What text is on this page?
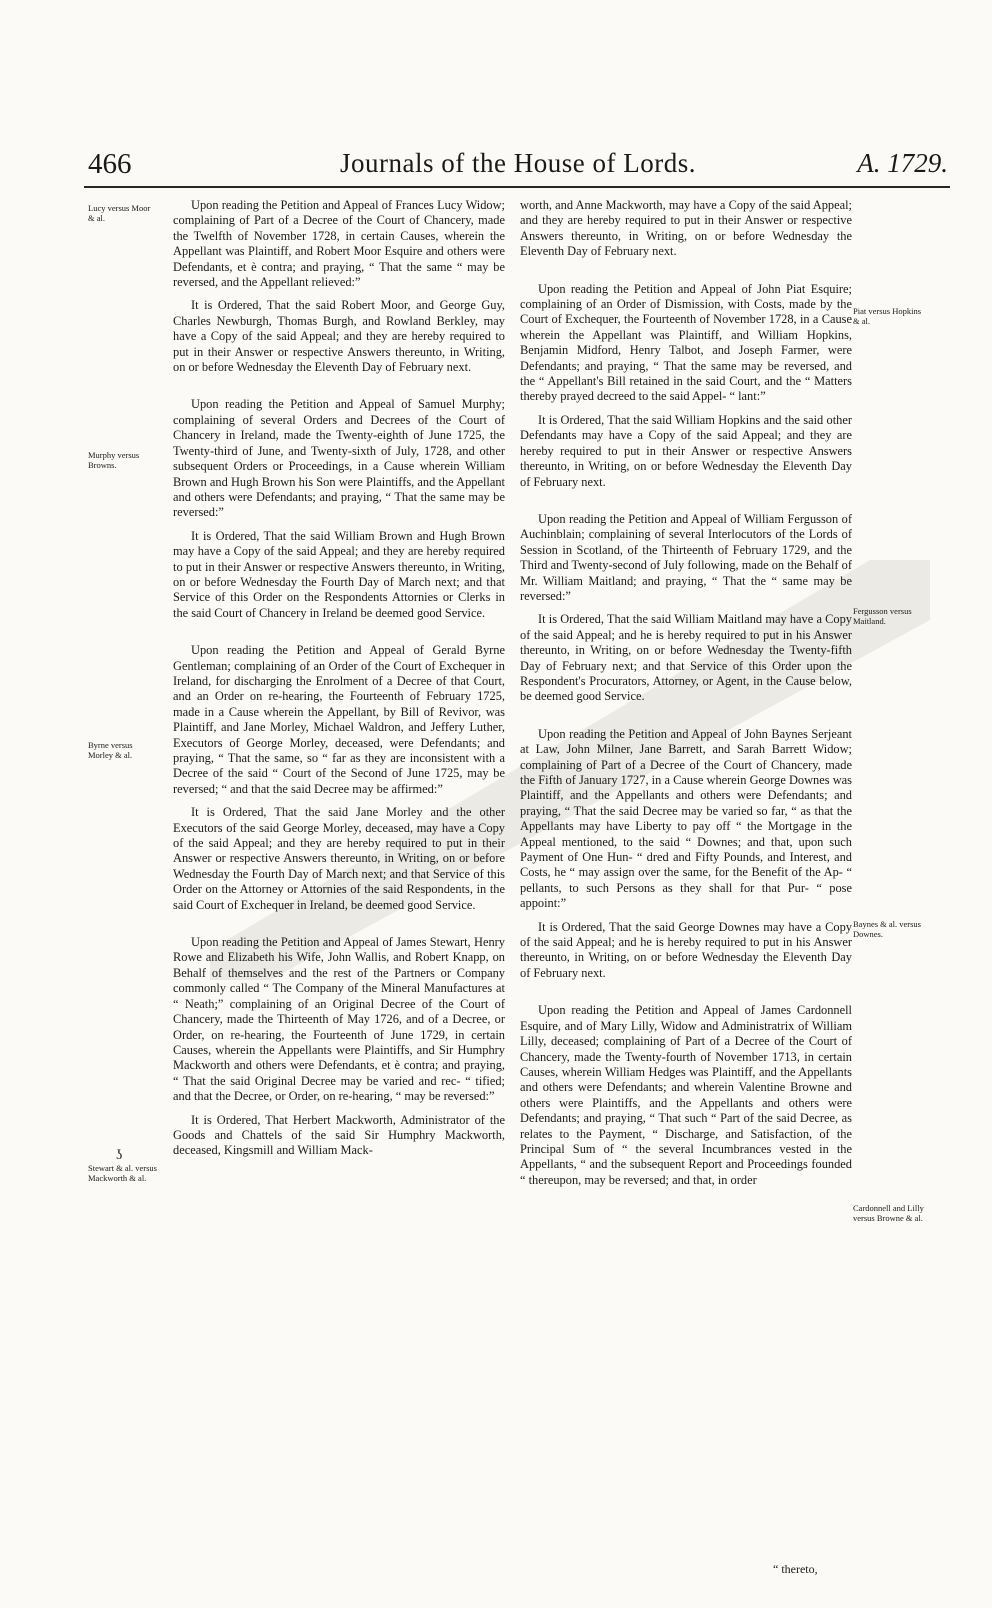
466	Journals of the House of Lords.	A. 1729.
Lucy versus Moor & al.
Murphy versus Browns.
Byrne versus Morley & al.
Stewart & al. versus Mackworth & al.
ʖ
Piat versus Hopkins & al.
Fergusson versus Maitland.
Baynes & al. versus Downes.
Cardonnell and Lilly versus Browne & al.

Upon reading the Petition and Appeal of Frances Lucy Widow; complaining of Part of a Decree of the Court of Chancery, made the Twelfth of November 1728, in certain Causes, wherein the Appellant was Plaintiff, and Robert Moor Esquire and others were Defendants, et è contra; and praying, “ That the same “ may be reversed, and the Appellant relieved:”

It is Ordered, That the said Robert Moor, and George Guy, Charles Newburgh, Thomas Burgh, and Rowland Berkley, may have a Copy of the said Appeal; and they are hereby required to put in their Answer or respective Answers thereunto, in Writing, on or before Wednesday the Eleventh Day of February next.

Upon reading the Petition and Appeal of Samuel Murphy; complaining of several Orders and Decrees of the Court of Chancery in Ireland, made the Twenty-eighth of June 1725, the Twenty-third of June, and Twenty-sixth of July, 1728, and other subsequent Orders or Proceedings, in a Cause wherein William Brown and Hugh Brown his Son were Plaintiffs, and the Appellant and others were Defendants; and praying, “ That the same may be reversed:”

It is Ordered, That the said William Brown and Hugh Brown may have a Copy of the said Appeal; and they are hereby required to put in their Answer or respective Answers thereunto, in Writing, on or before Wednesday the Fourth Day of March next; and that Service of this Order on the Respondents Attornies or Clerks in the said Court of Chancery in Ireland be deemed good Service.

Upon reading the Petition and Appeal of Gerald Byrne Gentleman; complaining of an Order of the Court of Exchequer in Ireland, for discharging the Enrolment of a Decree of that Court, and an Order on re-hearing, the Fourteenth of February 1725, made in a Cause wherein the Appellant, by Bill of Revivor, was Plaintiff, and Jane Morley, Michael Waldron, and Jeffery Luther, Executors of George Morley, deceased, were Defendants; and praying, “ That the same, so “ far as they are inconsistent with a Decree of the said “ Court of the Second of June 1725, may be reversed; “ and that the said Decree may be affirmed:”

It is Ordered, That the said Jane Morley and the other Executors of the said George Morley, deceased, may have a Copy of the said Appeal; and they are hereby required to put in their Answer or respective Answers thereunto, in Writing, on or before Wednesday the Fourth Day of March next; and that Service of this Order on the Attorney or Attornies of the said Respondents, in the said Court of Exchequer in Ireland, be deemed good Service.

Upon reading the Petition and Appeal of James Stewart, Henry Rowe and Elizabeth his Wife, John Wallis, and Robert Knapp, on Behalf of themselves and the rest of the Partners or Company commonly called “ The Company of the Mineral Manufactures at “ Neath;” complaining of an Original Decree of the Court of Chancery, made the Thirteenth of May 1726, and of a Decree, or Order, on re-hearing, the Fourteenth of June 1729, in certain Causes, wherein the Appellants were Plaintiffs, and Sir Humphry Mackworth and others were Defendants, et è contra; and praying, “ That the said Original Decree may be varied and rec- “ tified; and that the Decree, or Order, on re-hearing, “ may be reversed:”

It is Ordered, That Herbert Mackworth, Administrator of the Goods and Chattels of the said Sir Humphry Mackworth, deceased, Kingsmill and William Mack-

worth, and Anne Mackworth, may have a Copy of the said Appeal; and they are hereby required to put in their Answer or respective Answers thereunto, in Writing, on or before Wednesday the Eleventh Day of February next.

Upon reading the Petition and Appeal of John Piat Esquire; complaining of an Order of Dismission, with Costs, made by the Court of Exchequer, the Fourteenth of November 1728, in a Cause wherein the Appellant was Plaintiff, and William Hopkins, Benjamin Midford, Henry Talbot, and Joseph Farmer, were Defendants; and praying, “ That the same may be reversed, and the “ Appellant's Bill retained in the said Court, and the “ Matters thereby prayed decreed to the said Appel- “ lant:”

It is Ordered, That the said William Hopkins and the said other Defendants may have a Copy of the said Appeal; and they are hereby required to put in their Answer or respective Answers thereunto, in Writing, on or before Wednesday the Eleventh Day of February next.

Upon reading the Petition and Appeal of William Fergusson of Auchinblain; complaining of several Interlocutors of the Lords of Session in Scotland, of the Thirteenth of February 1729, and the Third and Twenty-second of July following, made on the Behalf of Mr. William Maitland; and praying, “ That the “ same may be reversed:”

It is Ordered, That the said William Maitland may have a Copy of the said Appeal; and he is hereby required to put in his Answer thereunto, in Writing, on or before Wednesday the Twenty-fifth Day of February next; and that Service of this Order upon the Respondent's Procurators, Attorney, or Agent, in the Cause below, be deemed good Service.

Upon reading the Petition and Appeal of John Baynes Serjeant at Law, John Milner, Jane Barrett, and Sarah Barrett Widow; complaining of Part of a Decree of the Court of Chancery, made the Fifth of January 1727, in a Cause wherein George Downes was Plaintiff, and the Appellants and others were Defendants; and praying, “ That the said Decree may be varied so far, “ as that the Appellants may have Liberty to pay off “ the Mortgage in the Appeal mentioned, to the said “ Downes; and that, upon such Payment of One Hun- “ dred and Fifty Pounds, and Interest, and Costs, he “ may assign over the same, for the Benefit of the Ap- “ pellants, to such Persons as they shall for that Pur- “ pose appoint:”

It is Ordered, That the said George Downes may have a Copy of the said Appeal; and he is hereby required to put in his Answer thereunto, in Writing, on or before Wednesday the Eleventh Day of February next.

Upon reading the Petition and Appeal of James Cardonnell Esquire, and of Mary Lilly, Widow and Administratrix of William Lilly, deceased; complaining of Part of a Decree of the Court of Chancery, made the Twenty-fourth of November 1713, in certain Causes, wherein William Hedges was Plaintiff, and the Appellants and others were Defendants; and wherein Valentine Browne and others were Plaintiffs, and the Appellants and others were Defendants; and praying, “ That such “ Part of the said Decree, as relates to the Payment, “ Discharge, and Satisfaction, of the Principal Sum of “ the several Incumbrances vested in the Appellants, “ and the subsequent Report and Proceedings founded “ thereupon, may be reversed; and that, in order

“ thereto,
